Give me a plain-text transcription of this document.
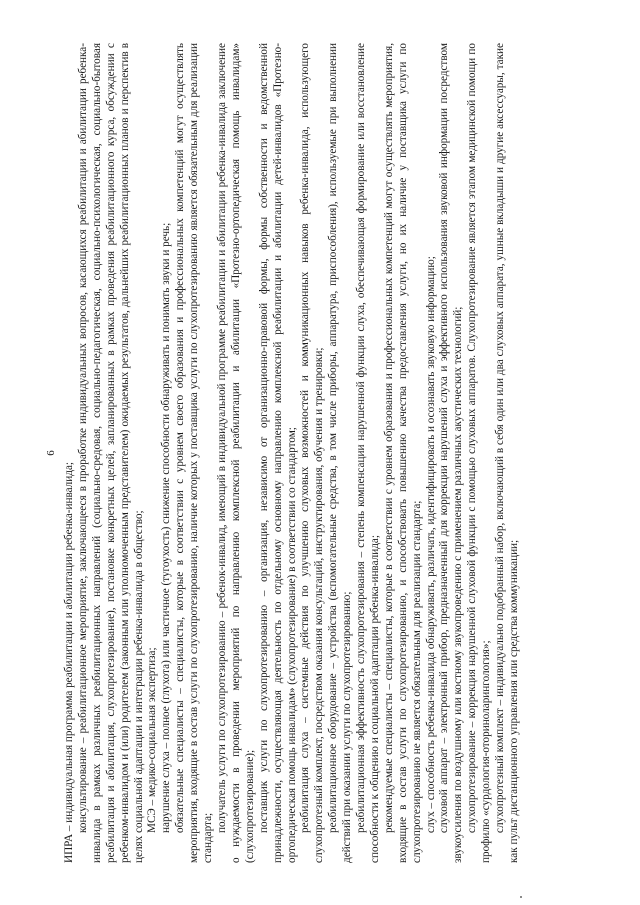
6

ИПРА – индивидуальная программа реабилитации и абилитации ребенка-инвалида; консультирование – реабилитационное мероприятие, заключающееся в проработке индивидуальных вопросов, касающихся реабилитации и абилитации ребенка-инвалида в рамках различных реабилитационных направлений (социально-средовая, социально-педагогическая, социально-психологическая, социально-бытовая реабилитация и абилитация, слухопротезирование), постановке конкретных целей, запланированных в рамках проведения реабилитационного курса, обсуждении с ребенком-инвалидом и (или) родителем (законным или уполномоченным представителем) ожидаемых результатов, дальнейших реабилитационных планов и перспектив в целях социальной адаптации и интеграции ребенка-инвалида в общество; МСЭ – медико-социальная экспертиза; нарушение слуха – полное (глухота) или частичное (тугоухость) снижение способности обнаруживать и понимать звуки и речь; обязательные специалисты – специалисты, которые в соответствии с уровнем своего образования и профессиональных компетенций могут осуществлять мероприятия, входящие в состав услуги по слухопротезированию, наличие которых у поставщика услуги по слухопротезированию является обязательным для реализации стандарта;

получатель услуги по слухопротезированию – ребенок-инвалид, имеющий в индивидуальной программе реабилитации и абилитации ребенка-инвалида заключение о нуждаемости в проведении мероприятий по направлению комплексной реабилитации и абилитации «Протезно-ортопедическая помощь инвалидам» (слухопротезирование); поставщик услуги по слухопротезированию – организация, независимо от организационно-правовой формы, формы собственности и ведомственной принадлежности, осуществляющая деятельность по отдельному основному направлению комплексной реабилитации и абилитации детей-инвалидов «Протезно-ортопедическая помощь инвалидам» (слухопротезирование) в соответствии со стандартом; реабилитация слуха – системные действия по улучшению слуховых возможностей и коммуникационных навыков ребенка-инвалида, использующего слухопротезный комплект, посредством оказания консультаций, инструктирования, обучения и тренировки; реабилитационное оборудование – устройства (вспомогательные средства, в том числе приборы, аппаратура, приспособления), используемые при выполнении действий при оказании услуги по слухопротезированию; реабилитационная эффективность слухопротезирования – степень компенсации нарушенной функции слуха, обеспечивающая формирование или восстановление способности к общению и социальной адаптации ребенка-инвалида; рекомендуемые специалисты – специалисты, которые в соответствии с уровнем образования и профессиональных компетенций могут осуществлять мероприятия, входящие в состав услуги по слухопротезированию, и способствовать повышению качества предоставления услуги, но их наличие у поставщика услуги по слухопротезированию не является обязательным для реализации стандарта; слух – способность ребенка-инвалида обнаруживать, различать, идентифицировать и осознавать звуковую информацию; слуховой аппарат – электронный прибор, предназначенный для коррекции нарушений слуха и эффективного использования звуковой информации посредством звукоусиления по воздушному или костному звукопроведению с применением различных акустических технологий; слухопротезирование – коррекция нарушенной слуховой функции с помощью слуховых аппаратов. Слухопротезирование является этапом медицинской помощи по профилю «сурдология-оториноларингология»; слухопротезный комплект – индивидуально подобранный набор, включающий в себя один или два слуховых аппарата, ушные вкладыши и другие аксессуары, такие как пульт дистанционного управления или средства коммуникации;
